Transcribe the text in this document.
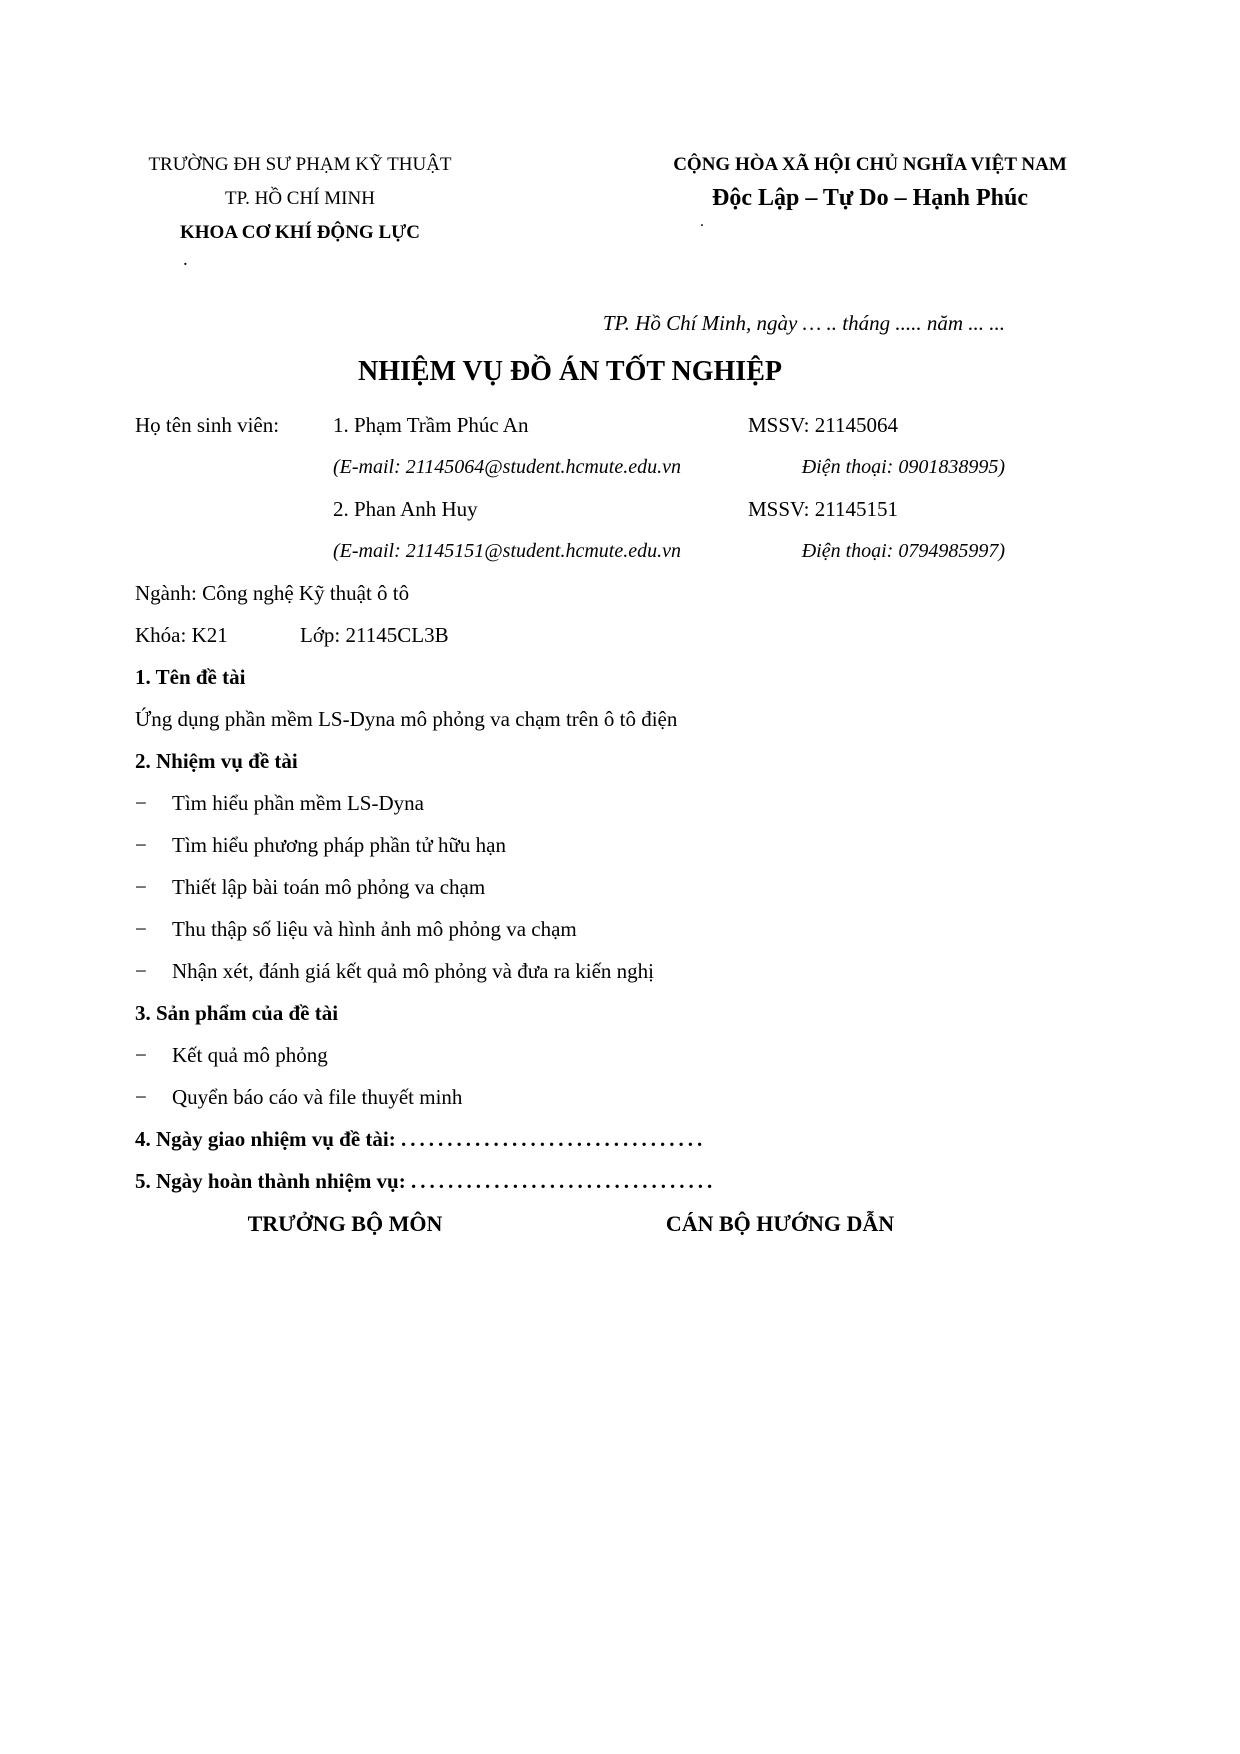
TRƯỜNG ĐH SƯ PHẠM KỸ THUẬT
TP. HỒ CHÍ MINH
KHOA CƠ KHÍ ĐỘNG LỰC
.
CỘNG HÒA XÃ HỘI CHỦ NGHĨA VIỆT NAM
Độc Lập – Tự Do – Hạnh Phúc
.
TP. Hồ Chí Minh, ngày … .. tháng ..... năm ... ...
NHIỆM VỤ ĐỒ ÁN TỐT NGHIỆP
Họ tên sinh viên:	1. Phạm Trầm Phúc An	MSSV: 21145064
(E-mail: 21145064@student.hcmute.edu.vn	Điện thoại: 0901838995)
2. Phan Anh Huy	MSSV: 21145151
(E-mail: 21145151@student.hcmute.edu.vn	Điện thoại: 0794985997)
Ngành: Công nghệ Kỹ thuật ô tô
Khóa: K21	Lớp: 21145CL3B
1. Tên đề tài
Ứng dụng phần mềm LS-Dyna mô phỏng va chạm trên ô tô điện
2. Nhiệm vụ đề tài
−	Tìm hiểu phần mềm LS-Dyna
−	Tìm hiểu phương pháp phần tử hữu hạn
−	Thiết lập bài toán mô phỏng va chạm
−	Thu thập số liệu và hình ảnh mô phỏng va chạm
−	Nhận xét, đánh giá kết quả mô phỏng và đưa ra kiến nghị
3. Sản phẩm của đề tài
−	Kết quả mô phỏng
−	Quyển báo cáo và file thuyết minh
4. Ngày giao nhiệm vụ đề tài: .................................
5. Ngày hoàn thành nhiệm vụ: .................................
TRƯỞNG BỘ MÔN	CÁN BỘ HƯỚNG DẪN
